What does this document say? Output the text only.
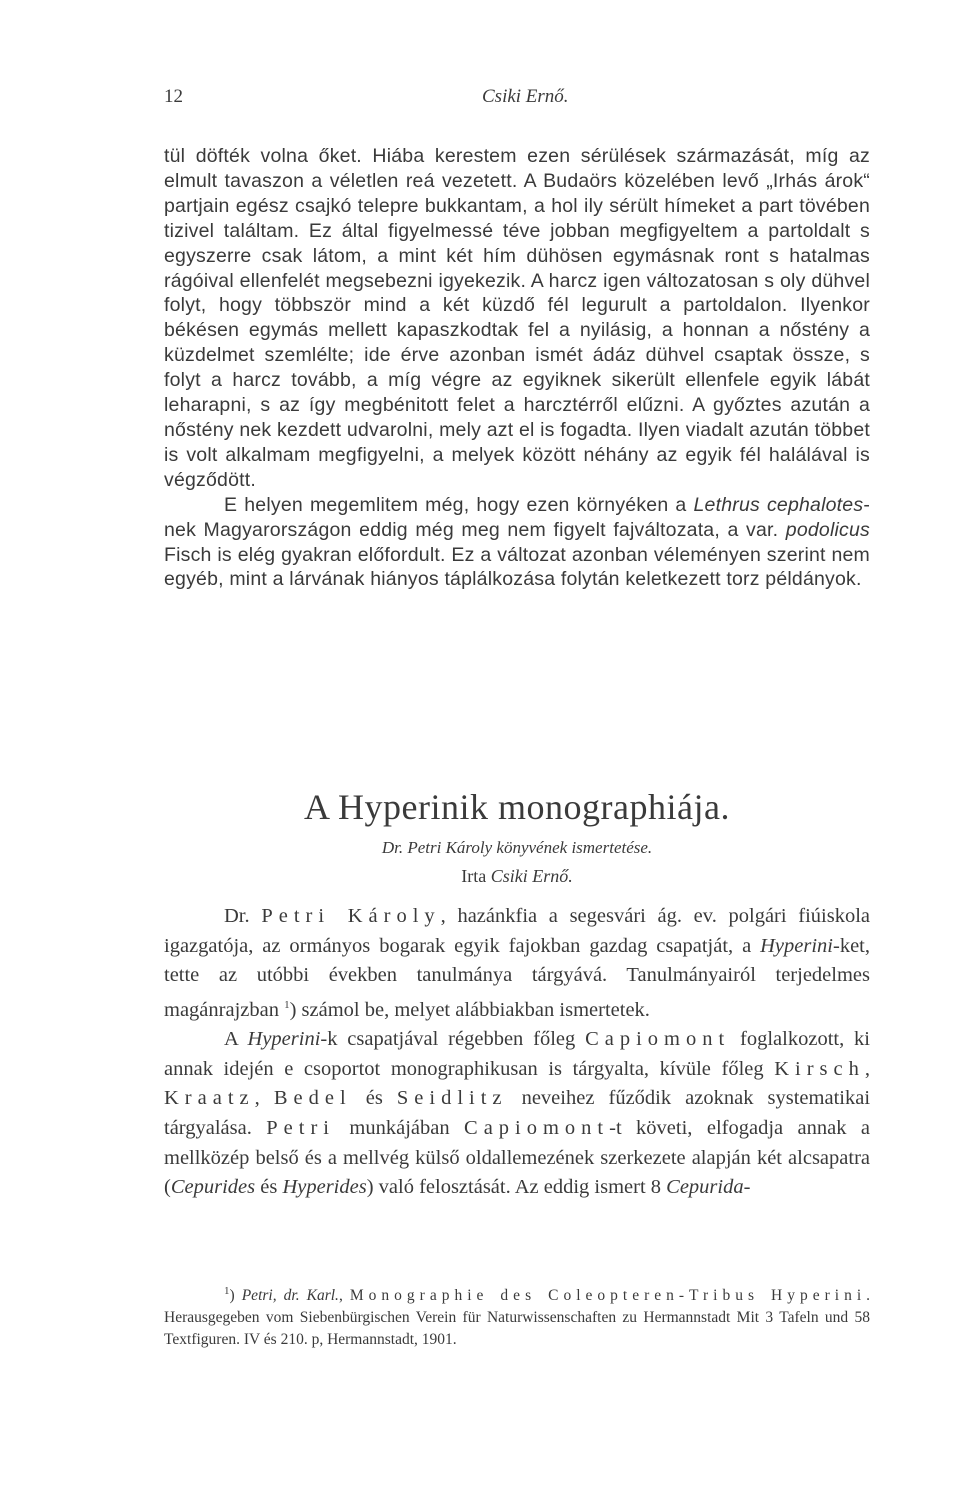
12	Csiki Ernő.

tül döfték volna őket. Hiába kerestem ezen sérülések származását, míg az elmult tavaszon a véletlen reá vezetett. A Budaörs közelében levő „Irhás árok“ partjain egész csajkó telepre bukkantam, a hol ily sérült hímeket a part tövében tizivel találtam. Ez által figyelmessé téve jobban megfigyeltem a partoldalt s egyszerre csak látom, a mint két hím dühösen egymásnak ront s hatalmas rágóival ellenfelét megsebezni igyekezik. A harcz igen változatosan s oly dühvel folyt, hogy többször mind a két küzdő fél legurult a partoldalon. Ilyenkor békésen egymás mellett kapaszkodtak fel a nyilásig, a honnan a nőstény a küzdelmet szemlélte; ide érve azonban ismét ádáz dühvel csaptak össze, s folyt a harcz tovább, a míg végre az egyiknek sikerült ellenfele egyik lábát leharapni, s az így megbénitott felet a harcztérről elűzni. A győztes azután a nőstény nek kezdett udvarolni, mely azt el is fogadta. Ilyen viadalt azután többet is volt alkalmam megfigyelni, a melyek között néhány az egyik fél halálával is végződött.

E helyen megemlitem még, hogy ezen környéken a Lethrus cephalotes-nek Magyarországon eddig még meg nem figyelt fajváltozata, a var. podolicus Fisch is elég gyakran előfordult. Ez a változat azonban véleményen szerint nem egyéb, mint a lárvának hiányos táplálkozása folytán keletkezett torz példányok.

A Hyperinik monographiája.
Dr. Petri Károly könyvének ismertetése.
Irta Csiki Ernő.

Dr. Petri Károly, hazánkfia a segesvári ág. ev. polgári fiúiskola igazgatója, az ormányos bogarak egyik fajokban gazdag csapatját, a Hyperini-ket, tette az utóbbi években tanulmánya tárgyává. Tanulmányairól terjedelmes magánrajzban $^1$) számol be, melyet alábbiakban ismertetek.

A Hyperini-k csapatjával régebben főleg Capiomont foglalkozott, ki annak idején e csoportot monographikusan is tárgyalta, kívüle főleg Kirsch, Kraatz, Bedel és Seidlitz neveihez fűződik azoknak systematikai tárgyalása. Petri munkájában Capiomont-t követi, elfogadja annak a mellközép belső és a mellvég külső oldallemezének szerkezete alapján két alcsapatra (Cepurides és Hyperides) való felosztását. Az eddig ismert 8 Cepurida-

$^1$) Petri, dr. Karl., Monographie des Coleopteren-Tribus Hyperini. Herausgegeben vom Siebenbürgischen Verein für Naturwissenschaften zu Hermannstadt Mit 3 Tafeln und 58 Textfiguren. IV és 210. p, Hermannstadt, 1901.
